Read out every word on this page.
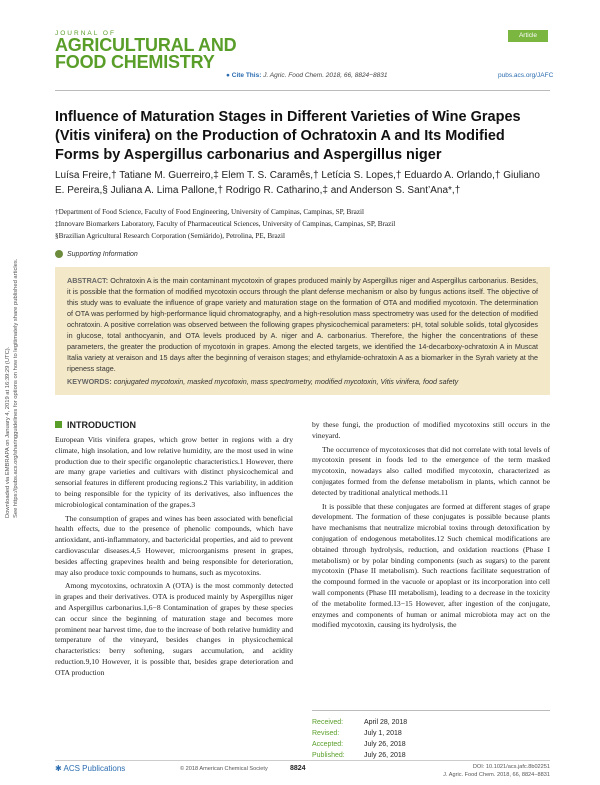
Downloaded via EMBRAPA on January 4, 2019 at 16:39:29 (UTC). See https://pubs.acs.org/sharingguidelines for options on how to legitimately share published articles.
JOURNAL OF
AGRICULTURAL AND
FOOD CHEMISTRY
Article
● Cite This: J. Agric. Food Chem. 2018, 66, 8824−8831	pubs.acs.org/JAFC
Influence of Maturation Stages in Different Varieties of Wine Grapes (Vitis vinifera) on the Production of Ochratoxin A and Its Modified Forms by Aspergillus carbonarius and Aspergillus niger
Luísa Freire,† Tatiane M. Guerreiro,‡ Elem T. S. Caramês,† Letícia S. Lopes,† Eduardo A. Orlando,† Giuliano E. Pereira,§ Juliana A. Lima Pallone,† Rodrigo R. Catharino,‡ and Anderson S. Sant’Ana*,†
†Department of Food Science, Faculty of Food Engineering, University of Campinas, Campinas, SP, Brazil
‡Innovare Biomarkers Laboratory, Faculty of Pharmaceutical Sciences, University of Campinas, Campinas, SP, Brazil
§Brazilian Agricultural Research Corporation (Semiárido), Petrolina, PE, Brazil
Supporting Information
ABSTRACT: Ochratoxin A is the main contaminant mycotoxin of grapes produced mainly by Aspergillus niger and Aspergillus carbonarius. Besides, it is possible that the formation of modified mycotoxin occurs through the plant defense mechanism or also by fungus actions itself. The objective of this study was to evaluate the influence of grape variety and maturation stage on the formation of OTA and modified mycotoxin. The determination of OTA was performed by high-performance liquid chromatography, and a high-resolution mass spectrometry was used for the detection of modified ochratoxin. A positive correlation was observed between the following grapes physicochemical parameters: pH, total soluble solids, total glycosides in glucose, total anthocyanin, and OTA levels produced by A. niger and A. carbonarius. Therefore, the higher the concentrations of these parameters, the greater the production of mycotoxin in grapes. Among the elected targets, we identified the 14-decarboxy-ochratoxin A in Muscat Italia variety at veraison and 15 days after the beginning of veraison stages; and ethylamide-ochratoxin A as a biomarker in the Syrah variety at the ripeness stage.
KEYWORDS: conjugated mycotoxin, masked mycotoxin, mass spectrometry, modified mycotoxin, Vitis vinifera, food safety
INTRODUCTION

European Vitis vinifera grapes, which grow better in regions with a dry climate, high insolation, and low relative humidity, are the most used in wine production due to their specific organoleptic characteristics.1 However, there are many grape varieties and cultivars with distinct physicochemical and sensorial features in different producing regions.2 This variability, in addition to being responsible for the typicity of its derivatives, also influences the microbiological contamination of the grapes.3

The consumption of grapes and wines has been associated with beneficial health effects, due to the presence of phenolic compounds, which have antioxidant, anti-inflammatory, and bactericidal properties, and aid to prevent cardiovascular diseases.4,5 However, microorganisms present in grapes, besides affecting grapevines health and being responsible for deterioration, may also produce toxic compounds to humans, such as mycotoxins.

Among mycotoxins, ochratoxin A (OTA) is the most commonly detected in grapes and their derivatives. OTA is produced mainly by Aspergillus niger and Aspergillus carbonarius.1,6−8 Contamination of grapes by these species can occur since the beginning of maturation stage and becomes more prominent near harvest time, due to the increase of both relative humidity and temperature of the vineyard, besides changes in physicochemical characteristics: berry softening, sugars accumulation, and acidity reduction.9,10 However, it is possible that, besides grape deterioration and OTA production

by these fungi, the production of modified mycotoxins still occurs in the vineyard.

The occurrence of mycotoxicoses that did not correlate with total levels of mycotoxin present in foods led to the emergence of the term masked mycotoxin, nowadays also called modified mycotoxin, characterized as conjugates formed from the defense metabolism in plants, which cannot be detected by traditional analytical methods.11

It is possible that these conjugates are formed at different stages of grape development. The formation of these conjugates is possible because plants have mechanisms that neutralize microbial toxins through detoxification by conjugation of endogenous metabolites.12 Such chemical modifications are obtained through hydrolysis, reduction, and oxidation reactions (Phase I metabolism) or by polar binding components (such as sugars) to the parent mycotoxin (Phase II metabolism). Such reactions facilitate sequestration of the compound formed in the vacuole or apoplast or its incorporation into cell wall components (Phase III metabolism), leading to a decrease in the toxicity of the metabolite formed.13−15 However, after ingestion of the conjugate, enzymes and components of human or animal microbiota may act on the modified mycotoxin, causing its hydrolysis, the

Received:	April 28, 2018
Revised:	July 1, 2018
Accepted:	July 26, 2018
Published:	July 26, 2018
✱ ACS Publications	© 2018 American Chemical Society	8824	DOI: 10.1021/acs.jafc.8b02251
J. Agric. Food Chem. 2018, 66, 8824−8831
